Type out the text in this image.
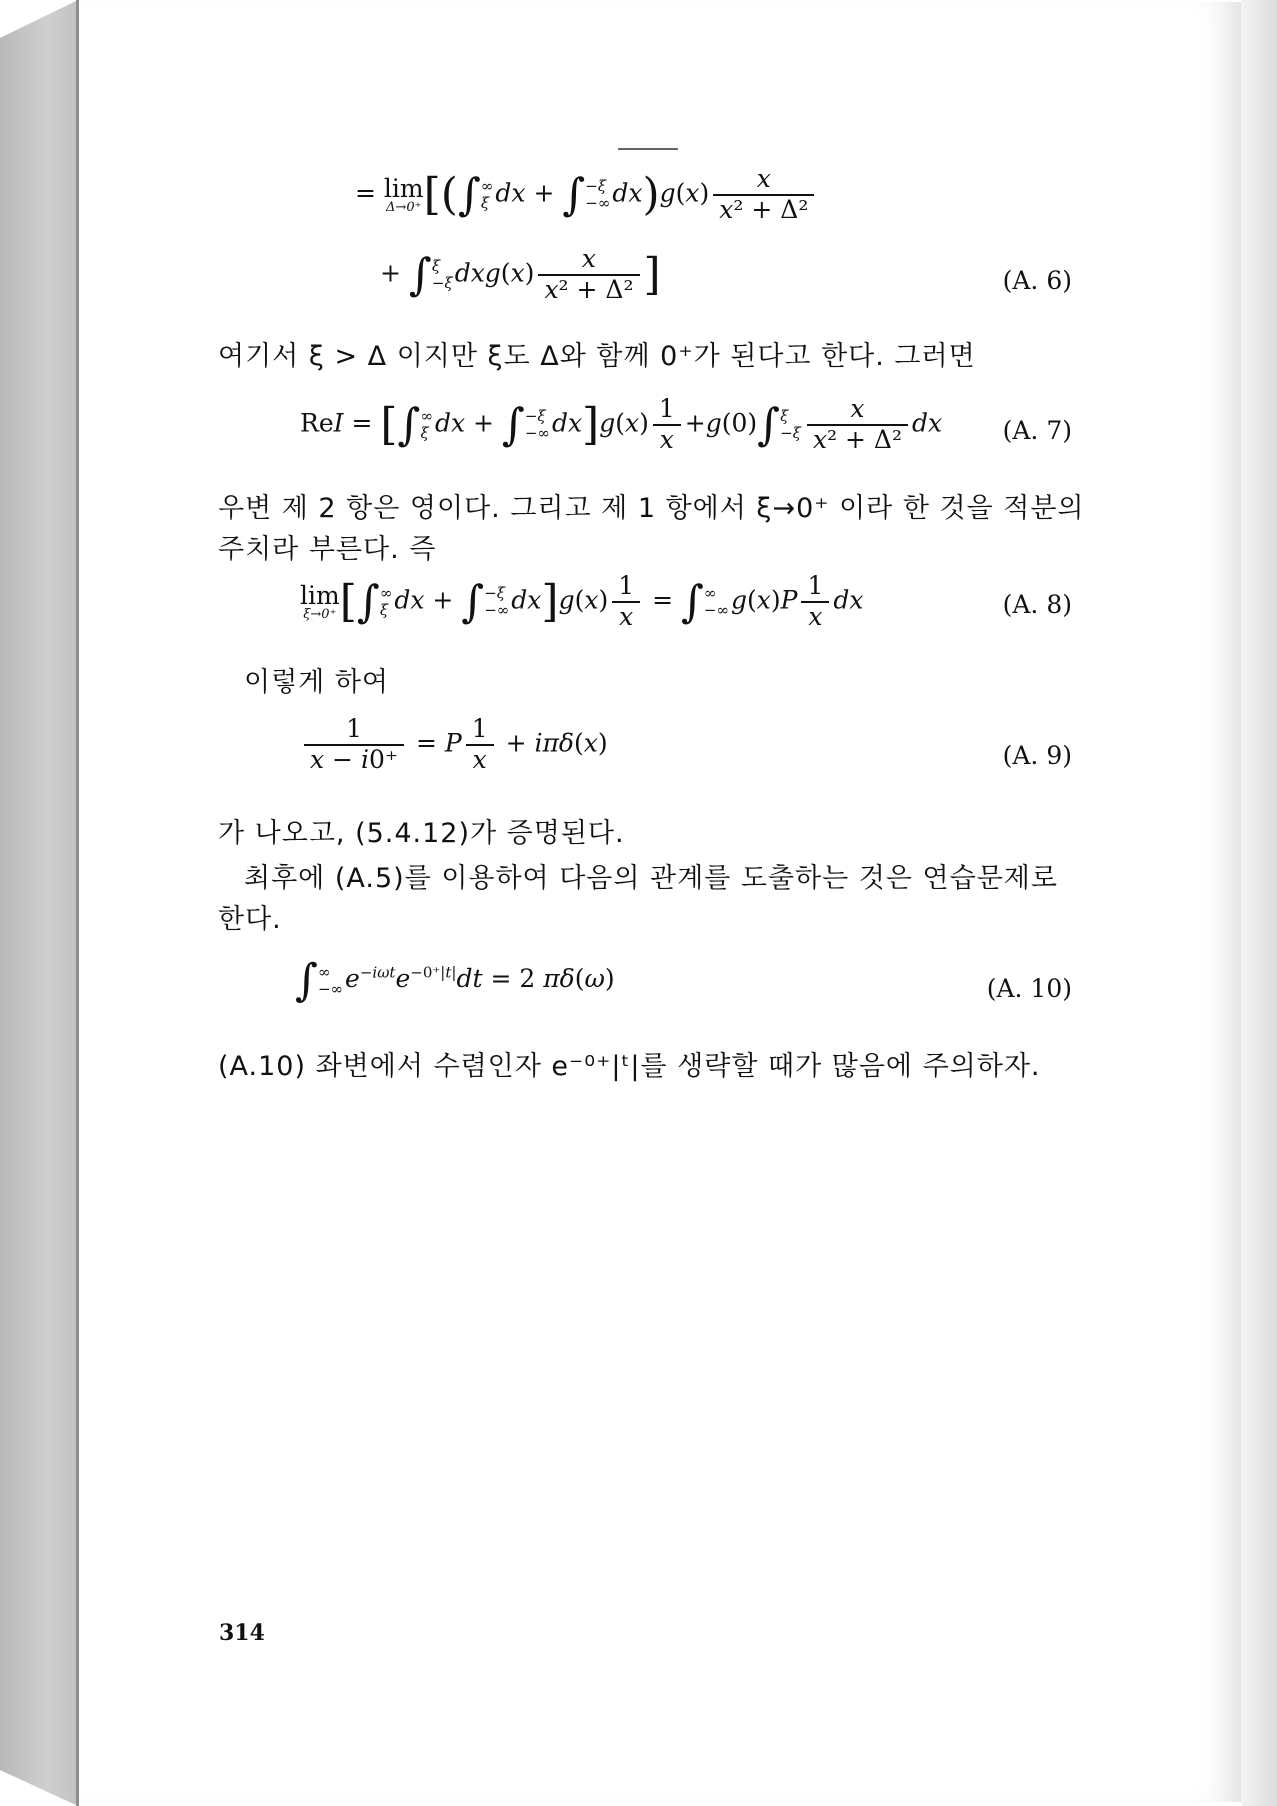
= lim
Δ→0⁺ [(∫ ∞
ξ dx + ∫ −ξ
−∞ $dx)g(x) \frac{x}{\text{x² + Δ²}}$
+ ∫ ξ
−ξ $dxg(x) \frac{x}{\text{x² + Δ²}}$ ]	(A. 6)
여기서 ξ > Δ 이지만 ξ도 Δ와 함께 0⁺가 된다고 한다. 그러면
ReI = [∫ ∞
ξ dx + ∫ −ξ
−∞ $dx]g(x) \frac{1}{x} +g(0)\int$ ξ
$-\xi \frac{x}{\text{x² + Δ²}}$ dx (A. 7)
우변 제 2 항은 영이다. 그리고 제 1 항에서 ξ→0⁺ 이라 한 것을 적분의
주치라 부른다. 즉
lim
ξ→0⁺ [∫ ∞
ξ dx + ∫ −ξ
−∞ $dx]g(x) \frac{1}{x}$ = ∫ ∞
−∞ $g(x)P \frac{1}{x}$ dx	(A. 8)
이렇게 하여
$\frac{1}{x - i0^+} = P \frac{1}{x} + i\pi\delta(x)$	(A. 9)
가 나오고, (5.4.12)가 증명된다.
최후에 (A.5)를 이용하여 다음의 관계를 도출하는 것은 연습문제로
한다.
∫ ∞
−∞ $e^{-i\omega t}e^{-0^+|t|}dt = 2$ πδ(ω)	(A. 10)
(A.10) 좌변에서 수렴인자 e⁻⁰⁺|ᵗ|를 생략할 때가 많음에 주의하자.
314
